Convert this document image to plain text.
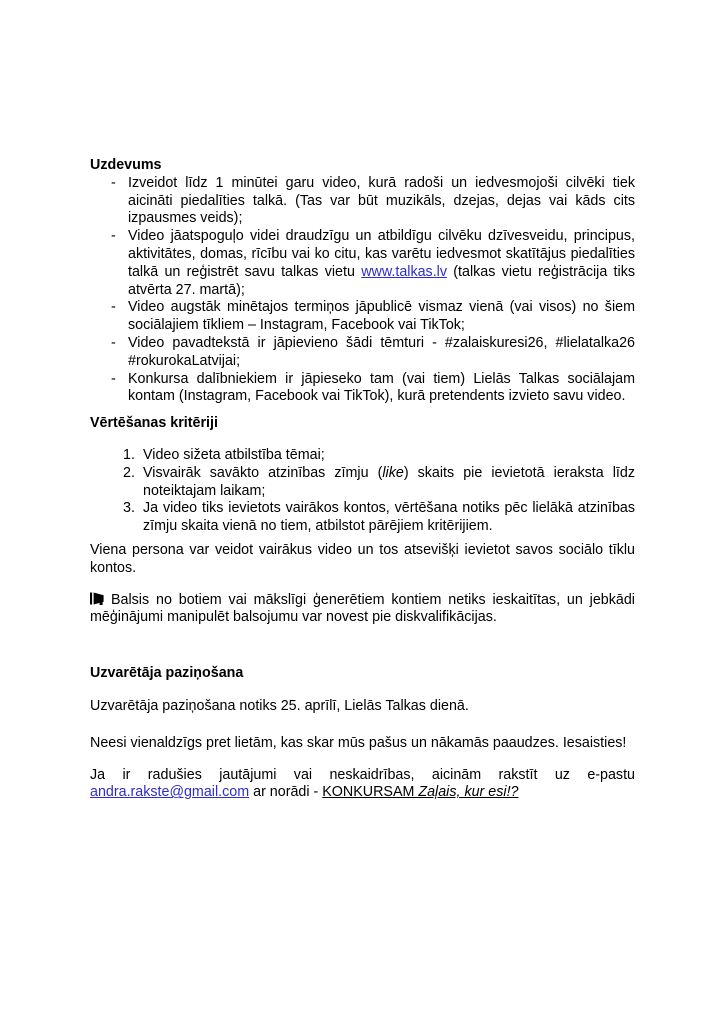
Uzdevums
- Izveidot līdz 1 minūtei garu video, kurā radoši un iedvesmojoši cilvēki tiek aicināti piedalīties talkā. (Tas var būt muzikāls, dzejas, dejas vai kāds cits izpausmes veids);
- Video jāatspoguļo videi draudzīgu un atbildīgu cilvēku dzīvesveidu, principus, aktivitātes, domas, rīcību vai ko citu, kas varētu iedvesmot skatītājus piedalīties talkā un reģistrēt savu talkas vietu www.talkas.lv (talkas vietu reģistrācija tiks atvērta 27. martā);
- Video augstāk minētajos termiņos jāpublicē vismaz vienā (vai visos) no šiem sociālajiem tīkliem – Instagram, Facebook vai TikTok;
- Video pavadtekstā ir jāpievieno šādi tēmturi - #zalaiskuresi26, #lielatalka26 #rokurokaLatvijai;
- Konkursa dalībniekiem ir jāpieseko tam (vai tiem) Lielās Talkas sociālajam kontam (Instagram, Facebook vai TikTok), kurā pretendents izvieto savu video.
Vērtēšanas kritēriji
1. Video sižeta atbilstība tēmai;
2. Visvairāk savākto atzinības zīmju (like) skaits pie ievietotā ieraksta līdz noteiktajam laikam;
3. Ja video tiks ievietots vairākos kontos, vērtēšana notiks pēc lielākā atzinības zīmju skaita vienā no tiem, atbilstot pārējiem kritērijiem.

Viena persona var veidot vairākus video un tos atsevišķi ievietot savos sociālo tīklu kontos.

Balsis no botiem vai mākslīgi ģenerētiem kontiem netiks ieskaitītas, un jebkādi mēģinājumi manipulēt balsojumu var novest pie diskvalifikācijas.

Uzvarētāja paziņošana

Uzvarētāja paziņošana notiks 25. aprīlī, Lielās Talkas dienā.

Neesi vienaldzīgs pret lietām, kas skar mūs pašus un nākamās paaudzes. Iesaisties!

Ja ir radušies jautājumi vai neskaidrības, aicinām rakstīt uz e-pastu andra.rakste@gmail.com ar norādi - KONKURSAM Zaļais, kur esi!?
